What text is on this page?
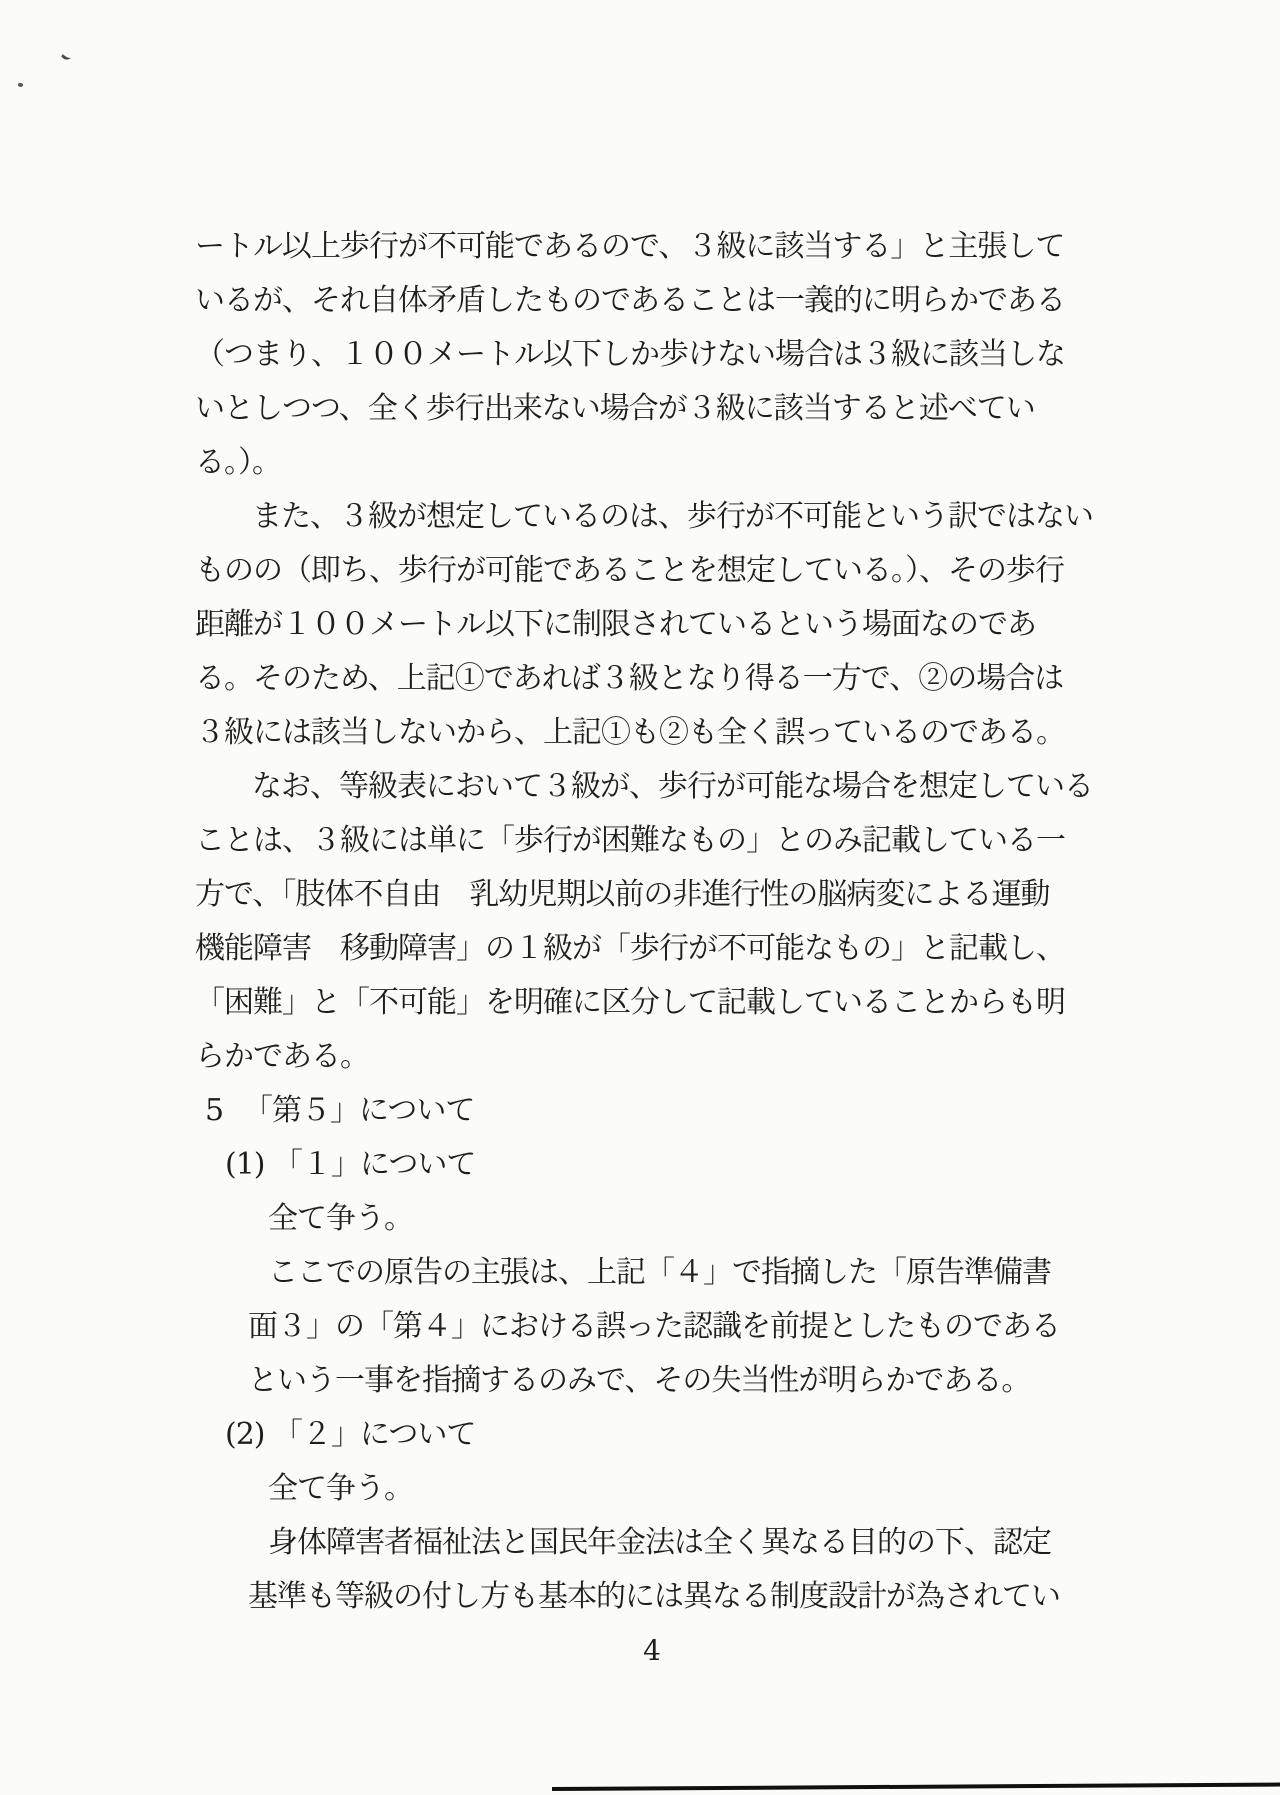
ートル以上歩行が不可能であるので、３級に該当する」と主張して
いるが、それ自体矛盾したものであることは一義的に明らかである
（つまり、１００メートル以下しか歩けない場合は３級に該当しな
いとしつつ、全く歩行出来ない場合が３級に該当すると述べてい
る。）。
また、３級が想定しているのは、歩行が不可能という訳ではない
ものの（即ち、歩行が可能であることを想定している。）、その歩行
距離が１００メートル以下に制限されているという場面なのであ
る。そのため、上記①であれば３級となり得る一方で、②の場合は
３級には該当しないから、上記①も②も全く誤っているのである。
なお、等級表において３級が、歩行が可能な場合を想定している
ことは、３級には単に「歩行が困難なもの」とのみ記載している一
方で、「肢体不自由　乳幼児期以前の非進行性の脳病変による運動
機能障害　移動障害」の１級が「歩行が不可能なもの」と記載し、
「困難」と「不可能」を明確に区分して記載していることからも明
らかである。
5 「第５」について
(1) 「１」について
全て争う。
ここでの原告の主張は、上記「４」で指摘した「原告準備書
面３」の「第４」における誤った認識を前提としたものである
という一事を指摘するのみで、その失当性が明らかである。
(2) 「２」について
全て争う。
身体障害者福祉法と国民年金法は全く異なる目的の下、認定
基準も等級の付し方も基本的には異なる制度設計が為されてい
4
